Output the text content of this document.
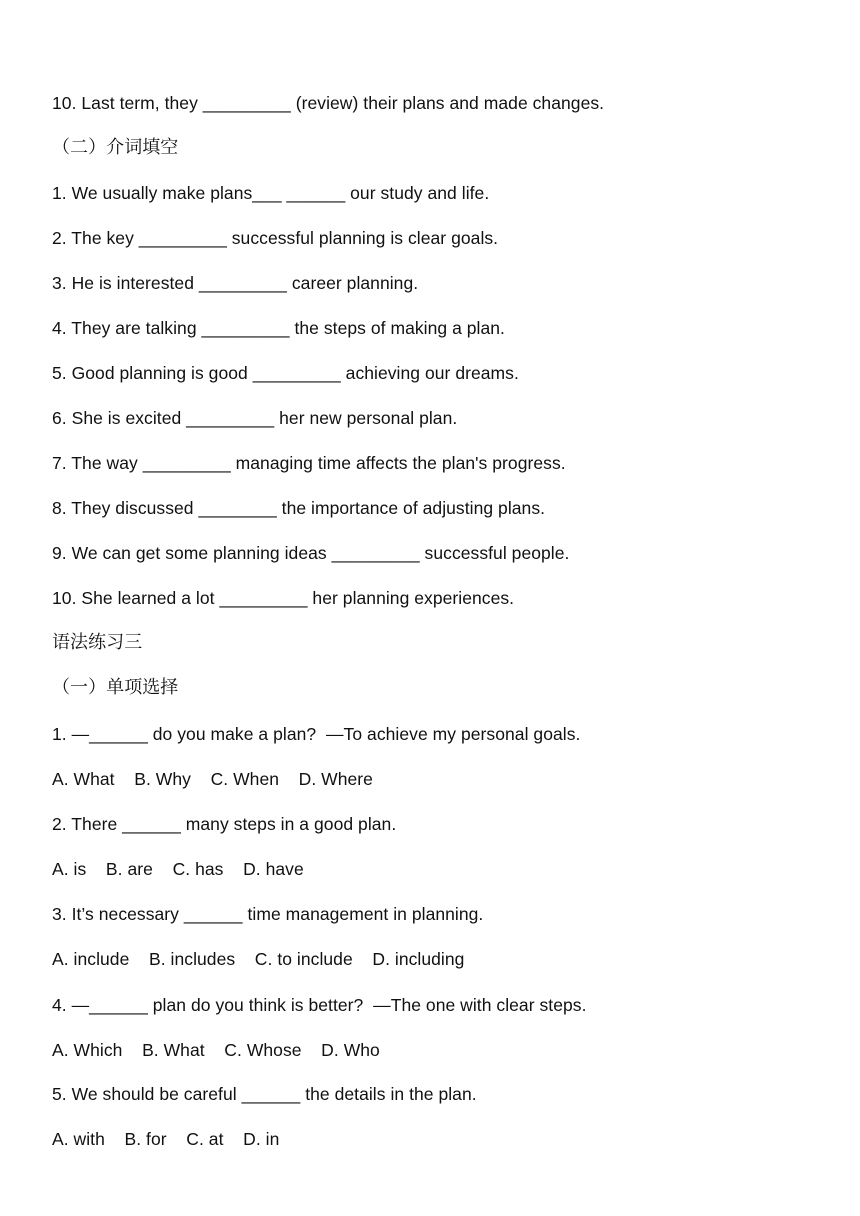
10. Last term, they _________ (review) their plans and made changes.
（二）介词填空
1. We usually make plans___ ______ our study and life.
2. The key _________ successful planning is clear goals.
3. He is interested _________ career planning.
4. They are talking _________ the steps of making a plan.
5. Good planning is good _________ achieving our dreams.
6. She is excited _________ her new personal plan.
7. The way _________ managing time affects the plan's progress.
8. They discussed ________ the importance of adjusting plans.
9. We can get some planning ideas _________ successful people.
10. She learned a lot _________ her planning experiences.
语法练习三
（一）单项选择
1. —______ do you make a plan?  —To achieve my personal goals.
A. What    B. Why    C. When    D. Where
2. There ______ many steps in a good plan.
A. is    B. are    C. has    D. have
3. It’s necessary ______ time management in planning.
A. include    B. includes    C. to include    D. including
4. —______ plan do you think is better?  —The one with clear steps.
A. Which    B. What    C. Whose    D. Who
5. We should be careful ______ the details in the plan.
A. with    B. for    C. at    D. in
